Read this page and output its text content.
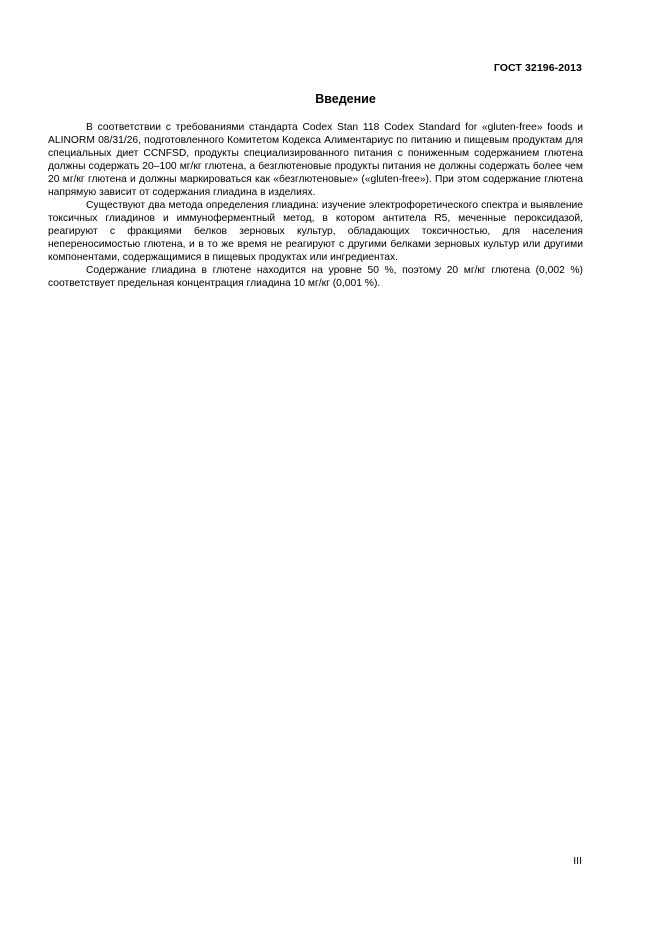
ГОСТ 32196-2013
Введение

В соответствии с требованиями стандарта Codex Stan 118 Codex Standard for «gluten-free» foods и ALINORM 08/31/26, подготовленного Комитетом Кодекса Алиментариус по питанию и пищевым продуктам для специальных диет CCNFSD, продукты специализированного питания с пониженным содержанием глютена должны содержать 20–100 мг/кг глютена, а безглютеновые продукты питания не должны содержать более чем 20 мг/кг глютена и должны маркироваться как «безглютеновые» («gluten-free»). При этом содержание глютена напрямую зависит от содержания глиадина в изделиях.

Существуют два метода определения глиадина: изучение электрофоретического спектра и выявление токсичных глиадинов и иммуноферментный метод, в котором антитела R5, меченные пероксидазой, реагируют с фракциями белков зерновых культур, обладающих токсичностью, для населения непереносимостью глютена, и в то же время не реагируют с другими белками зерновых культур или другими компонентами, содержащимися в пищевых продуктах или ингредиентах.

Содержание глиадина в глютене находится на уровне 50 %, поэтому 20 мг/кг глютена (0,002 %) соответствует предельная концентрация глиадина 10 мг/кг (0,001 %).

III
